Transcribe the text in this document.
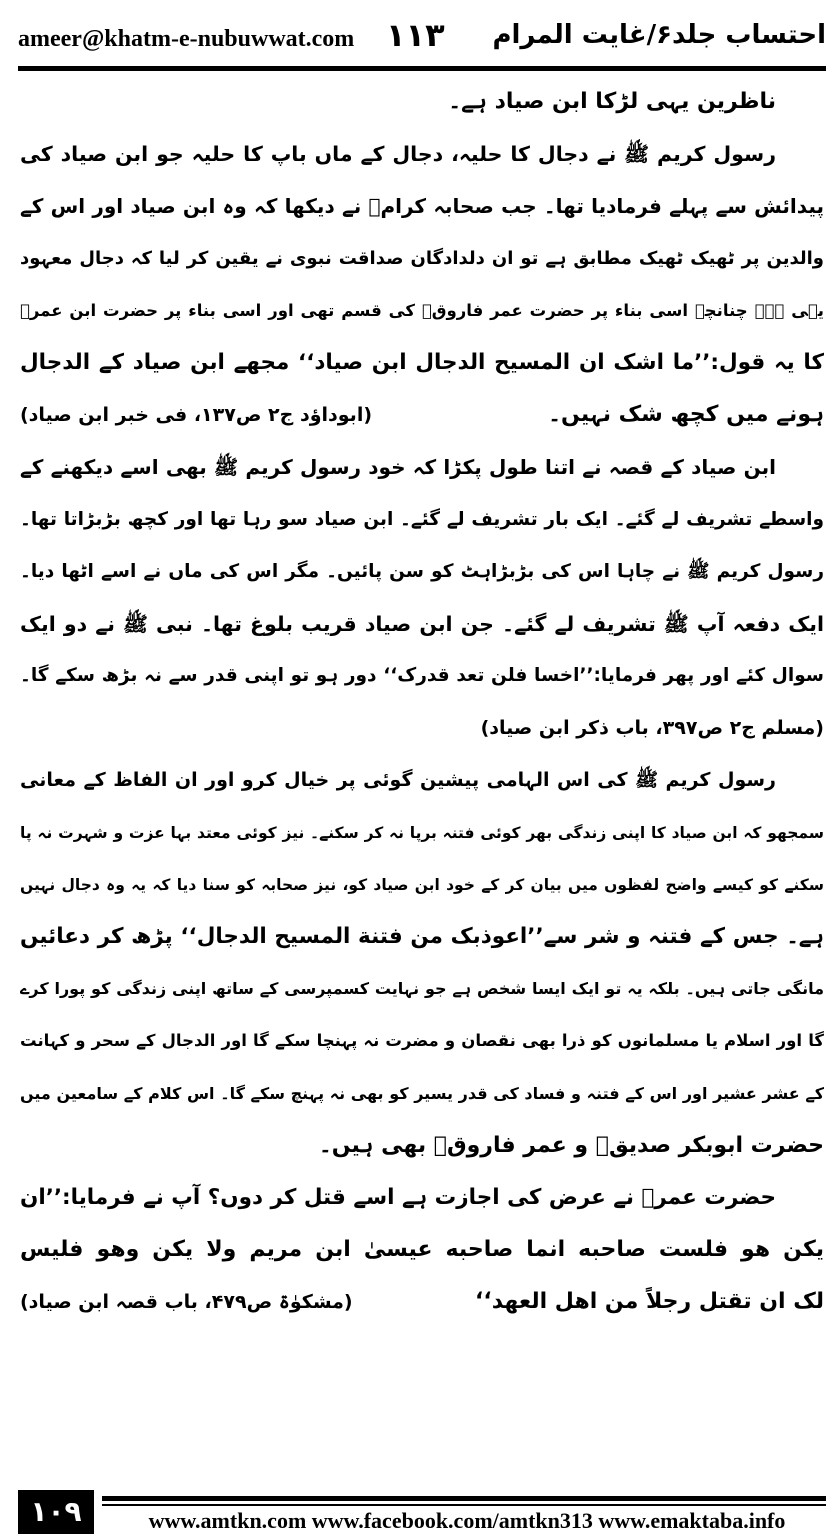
ameer@khatm-e-nubuwwat.com ۱۱۳ احتساب جلد۶/غایت المرام
ناظرین یہی لڑکا ابن صیاد ہے۔
رسول کریم ﷺ نے دجال کا حلیہ، دجال کے ماں باپ کا حلیہ جو ابن صیاد کی
پیدائش سے پہلے فرمادیا تھا۔ جب صحابہ کرامؓ نے دیکھا کہ وہ ابن صیاد اور اس کے
والدین پر ٹھیک ٹھیک مطابق ہے تو ان دلدادگان صداقت نبوی نے یقین کر لیا کہ دجال معہود
یہی ہے۔ چنانچہ اسی بناء پر حضرت عمر فاروقؓ کی قسم تھی اور اسی بناء پر حضرت ابن عمرؓ
کا یہ قول:’’ما اشک ان المسیح الدجال ابن صیاد‘‘ مجھے ابن صیاد کے الدجال
ہونے میں کچھ شک نہیں۔
(ابوداؤد ج۲ ص۱۳۷، فی خبر ابن صیاد)
ابن صیاد کے قصہ نے اتنا طول پکڑا کہ خود رسول کریم ﷺ بھی اسے دیکھنے کے
واسطے تشریف لے گئے۔ ایک بار تشریف لے گئے۔ ابن صیاد سو رہا تھا اور کچھ بڑبڑاتا تھا۔
رسول کریم ﷺ نے چاہا اس کی بڑبڑاہٹ کو سن پائیں۔ مگر اس کی ماں نے اسے اٹھا دیا۔
ایک دفعہ آپ ﷺ تشریف لے گئے۔ جن ابن صیاد قریب بلوغ تھا۔ نبی ﷺ نے دو ایک
سوال کئے اور پھر فرمایا:’’اخسا فلن تعد قدرک‘‘ دور ہو تو اپنی قدر سے نہ بڑھ سکے گا۔
(مسلم ج۲ ص۳۹۷، باب ذکر ابن صیاد)
رسول کریم ﷺ کی اس الہامی پیشین گوئی پر خیال کرو اور ان الفاظ کے معانی
سمجھو کہ ابن صیاد کا اپنی زندگی بھر کوئی فتنہ برپا نہ کر سکنے۔ نیز کوئی معتد بہا عزت و شہرت نہ پا
سکنے کو کیسے واضح لفظوں میں بیان کر کے خود ابن صیاد کو، نیز صحابہ کو سنا دیا کہ یہ وہ دجال نہیں
ہے۔ جس کے فتنہ و شر سے’’اعوذبک من فتنة المسیح الدجال‘‘ پڑھ کر دعائیں
مانگی جاتی ہیں۔ بلکہ یہ تو ایک ایسا شخص ہے جو نہایت کسمپرسی کے ساتھ اپنی زندگی کو پورا کرے
گا اور اسلام یا مسلمانوں کو ذرا بھی نقصان و مضرت نہ پہنچا سکے گا اور الدجال کے سحر و کہانت
کے عشر عشیر اور اس کے فتنہ و فساد کی قدر یسیر کو بھی نہ پہنچ سکے گا۔ اس کلام کے سامعین میں
حضرت ابوبکر صدیقؓ و عمر فاروقؓ بھی ہیں۔
حضرت عمرؓ نے عرض کی اجازت ہے اسے قتل کر دوں؟ آپ نے فرمایا:’’ان
یکن هو فلست صاحبه انما صاحبه عیسیٰ ابن مریم ولا یکن وهو فلیس
لک ان تقتل رجلاً من اهل العهد‘‘
(مشکوٰۃ ص۴۷۹، باب قصہ ابن صیاد)
۱۰۹	www.amtkn.com www.facebook.com/amtkn313 www.emaktaba.info
